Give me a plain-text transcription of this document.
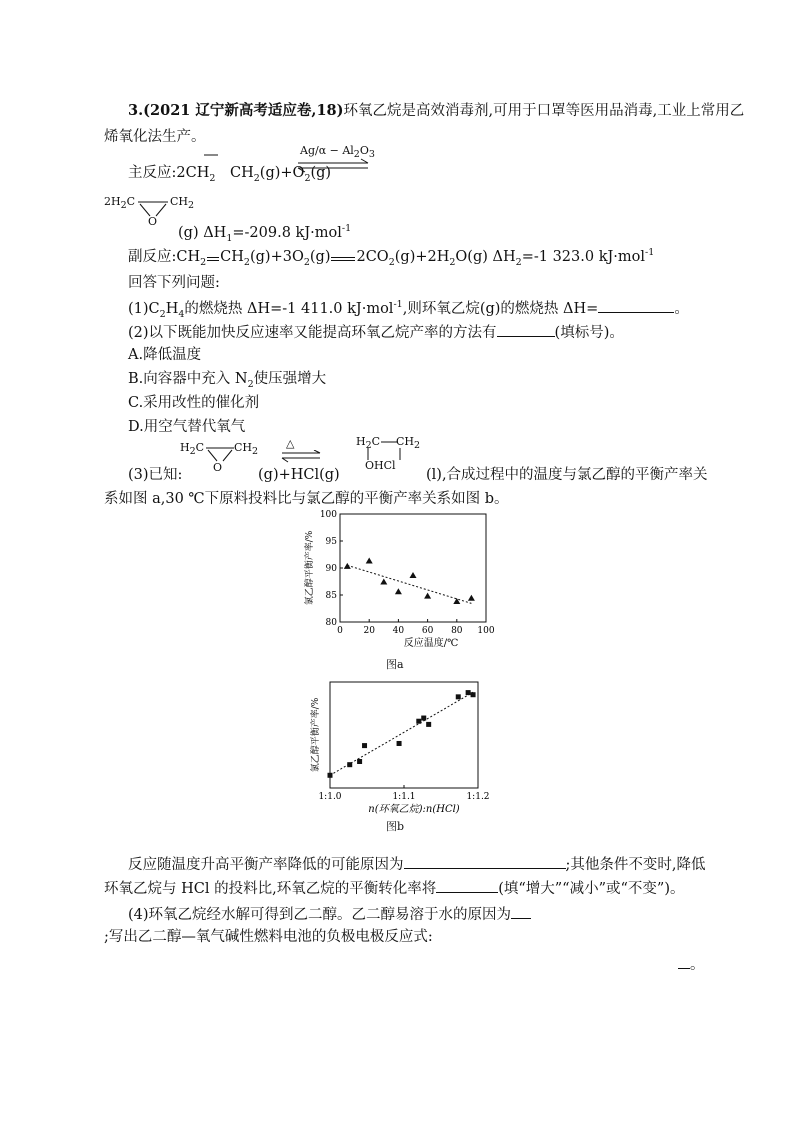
3.(2021 辽宁新高考适应卷,18)环氧乙烷是高效消毒剂,可用于口罩等医用品消毒,工业上常用乙
烯氧化法生产。
$Ag/\alpha - Al_2O_3$
主反应$:2CH_2$ $CH_2(g)+O_2(g)$
$2H_2C$	$CH_2$
O
(g) $\Delta H_1=-209.8$ kJ·mol$^{-1}$
副反应$:CH_2$ $CH_2(g)+3O_2(g)$ $2CO_2(g)+2H_2O(g)$ $\Delta H_2=-1$ 323.0 kJ·mol$^{-1}$
回答下列问题:
$(1)C_2H_4$的燃烧热 ΔH=-1 411.0 kJ·mol$^{-1}$,则环氧乙烷(g)的燃烧热 ΔH=	。
(2)以下既能加快反应速率又能提高环氧乙烷产率的方法有	(填标号)。
A.降低温度
B.向容器中充入 $N_2$使压强增大
C.采用改性的催化剂
D.用空气替代氧气
$H_2C$	$CH_2$
O
△	$H_2C$ $CH_2$
OHCl
(3)已知:	(g)+HCl(g)	(l),合成过程中的温度与氯乙醇的平衡产率关
系如图 a,30 ℃下原料投料比与氯乙醇的平衡产率关系如图 b。
0 20 40 60 80 100
80
85
90
95
100
反应温度/℃
氯乙醇平衡产率/%
图a
1:1.0	1:1.1	1:1.2
n(环氧乙烷):n(HCl)
氯乙醇平衡产率/%
图b
反应随温度升高平衡产率降低的可能原因为	;其他条件不变时,降低
环氧乙烷与 HCl 的投料比,环氧乙烷的平衡转化率将	(填“增大”“减小”或“不变”)。
(4)环氧乙烷经水解可得到乙二醇。乙二醇易溶于水的原因为
;写出乙二醇—氧气碱性燃料电池的负极电极反应式:
。
